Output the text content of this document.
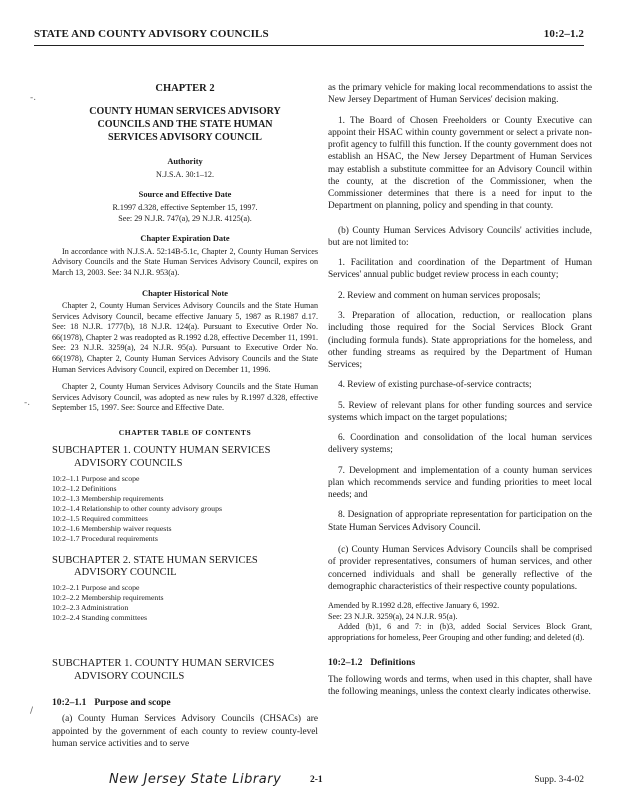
STATE AND COUNTY ADVISORY COUNCILS	10:2–1.2
-.
-.
/
CHAPTER 2
COUNTY HUMAN SERVICES ADVISORY
COUNCILS AND THE STATE HUMAN
SERVICES ADVISORY COUNCIL
Authority
N.J.S.A. 30:1–12.
Source and Effective Date
R.1997 d.328, effective September 15, 1997.
See: 29 N.J.R. 747(a), 29 N.J.R. 4125(a).
Chapter Expiration Date
In accordance with N.J.S.A. 52:14B-5.1c, Chapter 2, County Human Services Advisory Councils and the State Human Services Advisory Council, expires on March 13, 2003. See: 34 N.J.R. 953(a).
Chapter Historical Note
Chapter 2, County Human Services Advisory Councils and the State Human Services Advisory Council, became effective January 5, 1987 as R.1987 d.17. See: 18 N.J.R. 1777(b), 18 N.J.R. 124(a). Pursuant to Executive Order No. 66(1978), Chapter 2 was readopted as R.1992 d.28, effective December 11, 1991. See: 23 N.J.R. 3259(a), 24 N.J.R. 95(a). Pursuant to Executive Order No. 66(1978), Chapter 2, County Human Services Advisory Councils and the State Human Services Advisory Council, expired on December 11, 1996.
Chapter 2, County Human Services Advisory Councils and the State Human Services Advisory Council, was adopted as new rules by R.1997 d.328, effective September 15, 1997. See: Source and Effective Date.
CHAPTER TABLE OF CONTENTS
SUBCHAPTER 1. COUNTY HUMAN SERVICES
ADVISORY COUNCILS
10:2–1.1 Purpose and scope
10:2–1.2 Definitions
10:2–1.3 Membership requirements
10:2–1.4 Relationship to other county advisory groups
10:2–1.5 Required committees
10:2–1.6 Membership waiver requests
10:2–1.7 Procedural requirements
SUBCHAPTER 2. STATE HUMAN SERVICES
ADVISORY COUNCIL
10:2–2.1 Purpose and scope
10:2–2.2 Membership requirements
10:2–2.3 Administration
10:2–2.4 Standing committees
SUBCHAPTER 1. COUNTY HUMAN SERVICES
ADVISORY COUNCILS
10:2–1.1 Purpose and scope
(a) County Human Services Advisory Councils (CHSACs) are appointed by the government of each county to review county-level human service activities and to serve
as the primary vehicle for making local recommendations to assist the New Jersey Department of Human Services' decision making.
1. The Board of Chosen Freeholders or County Executive can appoint their HSAC within county government or select a private non-profit agency to fulfill this function. If the county government does not establish an HSAC, the New Jersey Department of Human Services may establish a substitute committee for an Advisory Council within the county, at the discretion of the Commissioner, when the Commissioner determines that there is a need for input to the Department on planning, policy and spending in that county.
(b) County Human Services Advisory Councils' activities include, but are not limited to:
1. Facilitation and coordination of the Department of Human Services' annual public budget review process in each county;
2. Review and comment on human services proposals;
3. Preparation of allocation, reduction, or reallocation plans including those required for the Social Services Block Grant (including formula funds). State appropriations for the homeless, and other funding streams as required by the Department of Human Services;
4. Review of existing purchase-of-service contracts;
5. Review of relevant plans for other funding sources and service systems which impact on the target populations;
6. Coordination and consolidation of the local human services delivery systems;
7. Development and implementation of a county human services plan which recommends service and funding priorities to meet local needs; and
8. Designation of appropriate representation for participation on the State Human Services Advisory Council.
(c) County Human Services Advisory Councils shall be comprised of provider representatives, consumers of human services, and other concerned individuals and shall be generally reflective of the demographic characteristics of their respective county populations.
Amended by R.1992 d.28, effective January 6, 1992.
See: 23 N.J.R. 3259(a), 24 N.J.R. 95(a).
Added (b)1, 6 and 7: in (b)3, added Social Services Block Grant, appropriations for homeless, Peer Grouping and other funding; and deleted (d).
10:2–1.2 Definitions
The following words and terms, when used in this chapter, shall have the following meanings, unless the context clearly indicates otherwise.
New Jersey State Library	2-1	Supp. 3-4-02
